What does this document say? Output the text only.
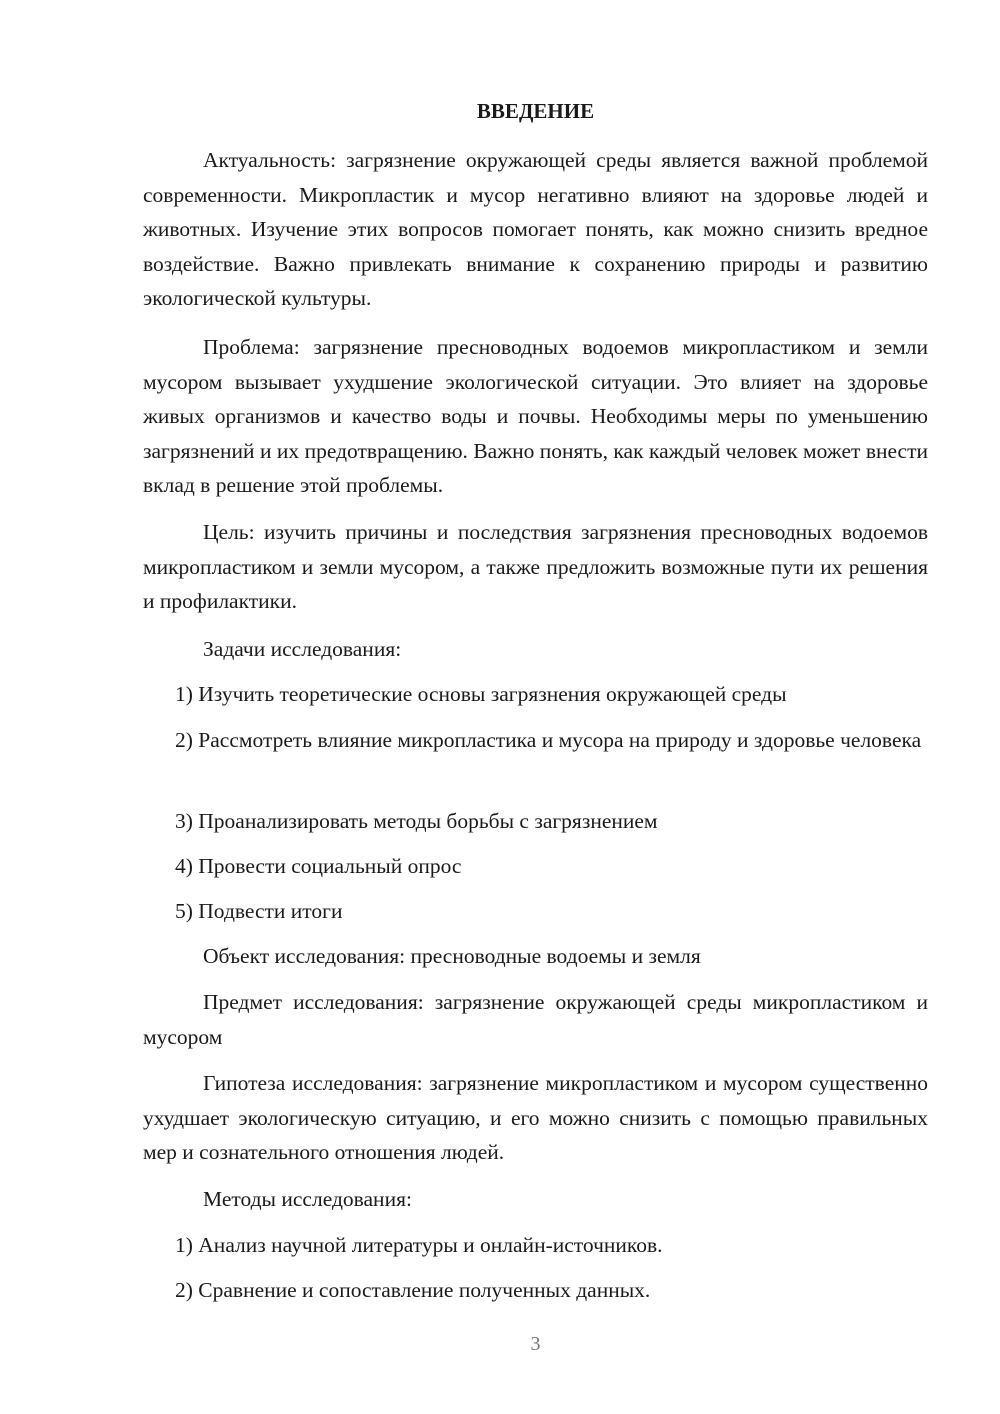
ВВЕДЕНИЕ

Актуальность: загрязнение окружающей среды является важной проблемой современности. Микропластик и мусор негативно влияют на здоровье людей и животных. Изучение этих вопросов помогает понять, как можно снизить вредное воздействие. Важно привлекать внимание к сохранению природы и развитию экологической культуры.

Проблема: загрязнение пресноводных водоемов микропластиком и земли мусором вызывает ухудшение экологической ситуации. Это влияет на здоровье живых организмов и качество воды и почвы. Необходимы меры по уменьшению загрязнений и их предотвращению. Важно понять, как каждый человек может внести вклад в решение этой проблемы.

Цель: изучить причины и последствия загрязнения пресноводных водоемов микропластиком и земли мусором, а также предложить возможные пути их решения и профилактики.

Задачи исследования:

1) Изучить теоретические основы загрязнения окружающей среды

2) Рассмотреть влияние микропластика и мусора на природу и здоровье человека

3) Проанализировать методы борьбы с загрязнением

4) Провести социальный опрос

5) Подвести итоги

Объект исследования: пресноводные водоемы и земля

Предмет исследования: загрязнение окружающей среды микропластиком и мусором

Гипотеза исследования: загрязнение микропластиком и мусором существенно ухудшает экологическую ситуацию, и его можно снизить с помощью правильных мер и сознательного отношения людей.

Методы исследования:

1) Анализ научной литературы и онлайн-источников.

2) Сравнение и сопоставление полученных данных.

3
